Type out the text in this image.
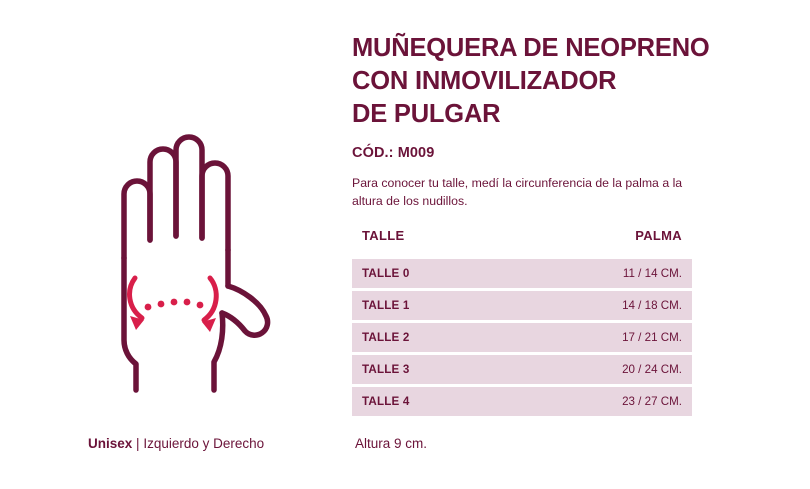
MUÑEQUERA DE NEOPRENO
CON INMOVILIZADOR
DE PULGAR
CÓD.: M009
Para conocer tu talle, medí la circunferencia de la palma a la altura de los nudillos.
TALLE	PALMA
TALLE 0	11 / 14 CM.
TALLE 1	14 / 18 CM.
TALLE 2	17 / 21 CM.
TALLE 3	20 / 24 CM.
TALLE 4	23 / 27 CM.
Unisex | Izquierdo y Derecho	Altura 9 cm.
